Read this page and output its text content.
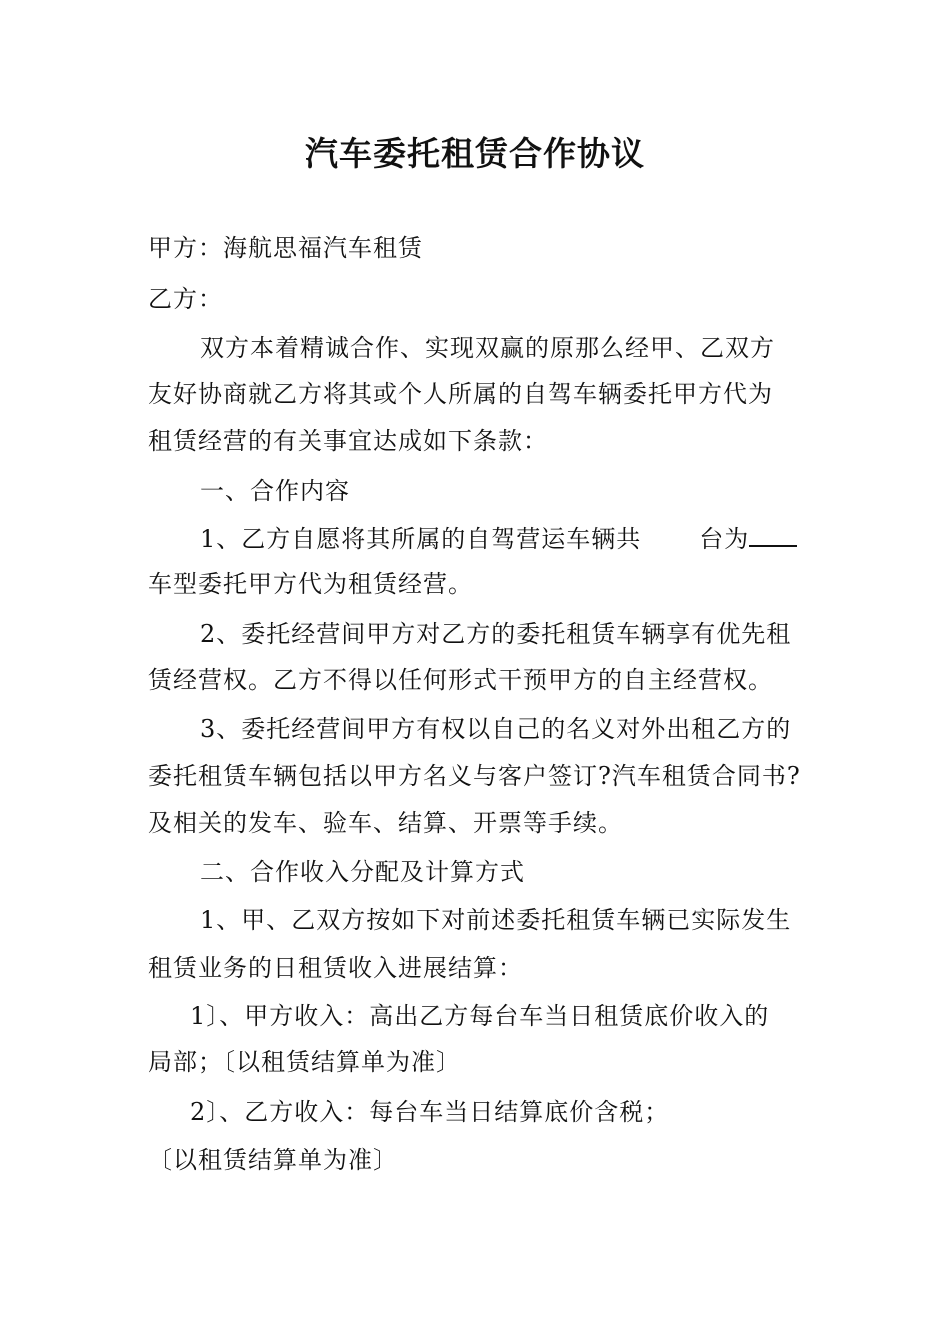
汽车委托租赁合作协议
甲方：海航思福汽车租赁
乙方：
双方本着精诚合作、实现双赢的原那么经甲、乙双方
友好协商就乙方将其或个人所属的自驾车辆委托甲方代为
租赁经营的有关事宜达成如下条款：
一、合作内容
1、乙方自愿将其所属的自驾营运车辆共 台为
车型委托甲方代为租赁经营。
2、委托经营间甲方对乙方的委托租赁车辆享有优先租
赁经营权。乙方不得以任何形式干预甲方的自主经营权。
3、委托经营间甲方有权以自己的名义对外出租乙方的
委托租赁车辆包括以甲方名义与客户签订?汽车租赁合同书?
及相关的发车、验车、结算、开票等手续。
二、合作收入分配及计算方式
1、甲、乙双方按如下对前述委托租赁车辆已实际发生
租赁业务的日租赁收入进展结算：
1〕、甲方收入：高出乙方每台车当日租赁底价收入的
局部；〔以租赁结算单为准〕
2〕、乙方收入：每台车当日结算底价含税；
〔以租赁结算单为准〕
